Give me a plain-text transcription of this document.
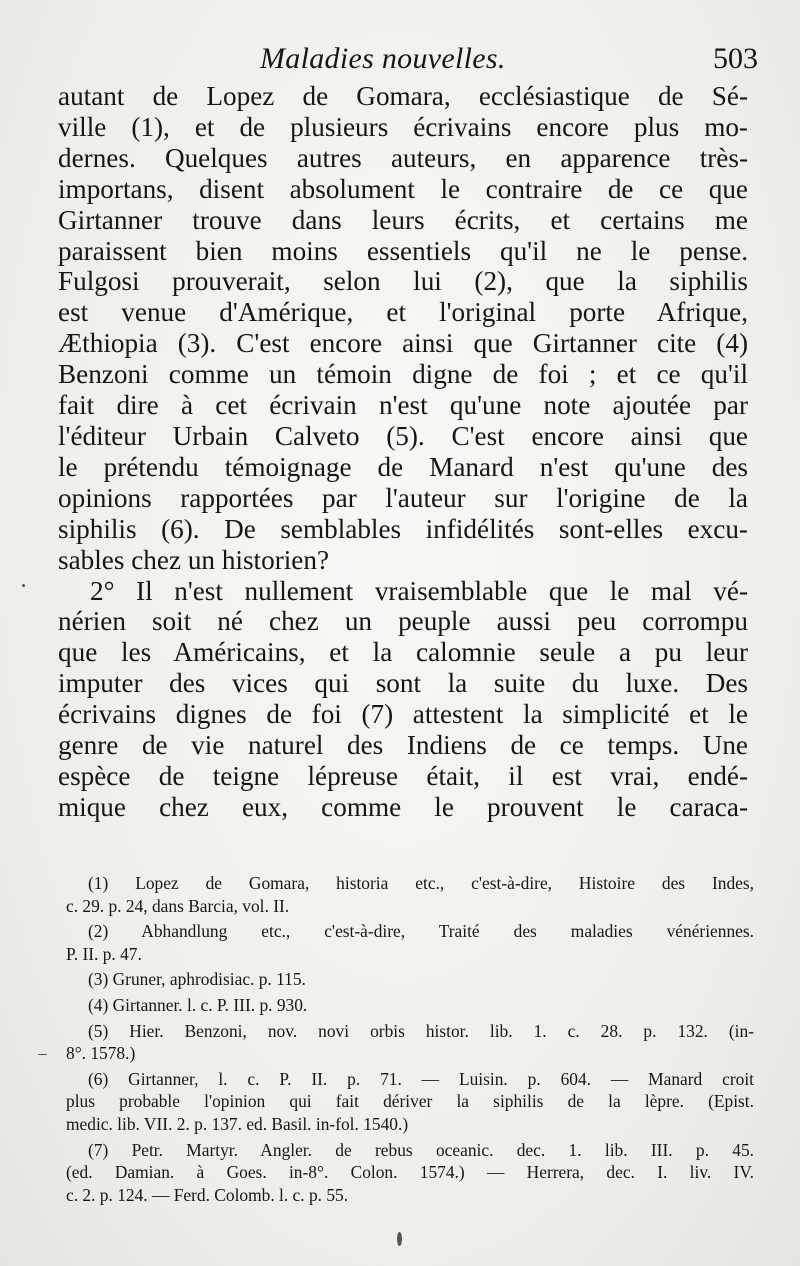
Maladies nouvelles.	503
autant de Lopez de Gomara, ecclésiastique de Sé-
ville (1), et de plusieurs écrivains encore plus mo-
dernes. Quelques autres auteurs, en apparence très-
importans, disent absolument le contraire de ce que
Girtanner trouve dans leurs écrits, et certains me
paraissent bien moins essentiels qu'il ne le pense.
Fulgosi prouverait, selon lui (2), que la siphilis
est venue d'Amérique, et l'original porte Afrique,
Æthiopia (3). C'est encore ainsi que Girtanner cite (4)
Benzoni comme un témoin digne de foi ; et ce qu'il
fait dire à cet écrivain n'est qu'une note ajoutée par
l'éditeur Urbain Calveto (5). C'est encore ainsi que
le prétendu témoignage de Manard n'est qu'une des
opinions rapportées par l'auteur sur l'origine de la
siphilis (6). De semblables infidélités sont-elles excu-
sables chez un historien?
2° Il n'est nullement vraisemblable que le mal vé-
nérien soit né chez un peuple aussi peu corrompu
que les Américains, et la calomnie seule a pu leur
imputer des vices qui sont la suite du luxe. Des
écrivains dignes de foi (7) attestent la simplicité et le
genre de vie naturel des Indiens de ce temps. Une
espèce de teigne lépreuse était, il est vrai, endé-
mique chez eux, comme le prouvent le caraca-
(1) Lopez de Gomara, historia etc., c'est-à-dire, Histoire des Indes,
c. 29. p. 24, dans Barcia, vol. II.
(2) Abhandlung etc., c'est-à-dire, Traité des maladies vénériennes.
P. II. p. 47.
(3) Gruner, aphrodisiac. p. 115.
(4) Girtanner. l. c. P. III. p. 930.
(5) Hier. Benzoni, nov. novi orbis histor. lib. 1. c. 28. p. 132. (in-
8°. 1578.)
(6) Girtanner, l. c. P. II. p. 71. — Luisin. p. 604. — Manard croit
plus probable l'opinion qui fait dériver la siphilis de la lèpre. (Epist.
medic. lib. VII. 2. p. 137. ed. Basil. in-fol. 1540.)
(7) Petr. Martyr. Angler. de rebus oceanic. dec. 1. lib. III. p. 45.
(ed. Damian. à Goes. in-8°. Colon. 1574.) — Herrera, dec. I. liv. IV.
c. 2. p. 124. — Ferd. Colomb. l. c. p. 55.
